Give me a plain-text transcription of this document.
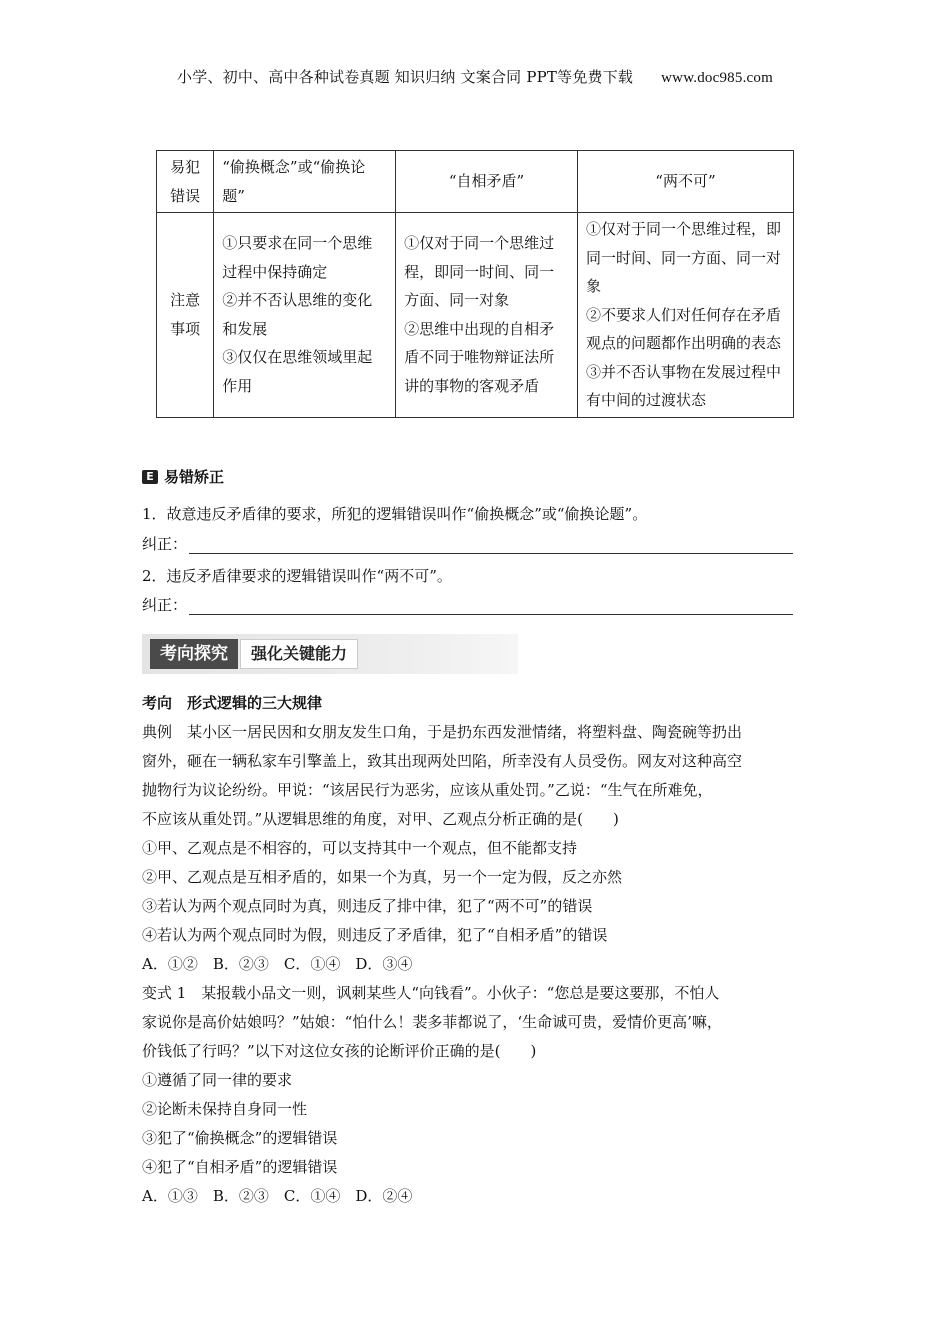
小学、初中、高中各种试卷真题 知识归纳 文案合同 PPT等免费下载 www.doc985.com
易犯错误	“偷换概念”或“偷换论题”	“自相矛盾”	“两不可”
注意事项	①只要求在同一个思维过程中保持确定
②并不否认思维的变化和发展
③仅仅在思维领域里起作用	①仅对于同一个思维过程，即同一时间、同一方面、同一对象
②思维中出现的自相矛盾不同于唯物辩证法所讲的事物的客观矛盾	①仅对于同一个思维过程，即同一时间、同一方面、同一对象
②不要求人们对任何存在矛盾观点的问题都作出明确的表态
③并不否认事物在发展过程中有中间的过渡状态
E
易错矫正
1．故意违反矛盾律的要求，所犯的逻辑错误叫作“偷换概念”或“偷换论题”。
纠正：
2．违反矛盾律要求的逻辑错误叫作“两不可”。
纠正：
考向探究	强化关键能力
考向　 形式逻辑的三大规律
典例　某小区一居民因和女朋友发生口角，于是扔东西发泄情绪，将塑料盘、陶瓷碗等扔出
窗外，砸在一辆私家车引擎盖上，致其出现两处凹陷，所幸没有人员受伤。网友对这种高空
抛物行为议论纷纷。甲说：“该居民行为恶劣，应该从重处罚。”乙说：“生气在所难免，
不应该从重处罚。”从逻辑思维的角度，对甲、乙观点分析正确的是(　　)
①甲、乙观点是不相容的，可以支持其中一个观点，但不能都支持
②甲、乙观点是互相矛盾的，如果一个为真，另一个一定为假，反之亦然
③若认为两个观点同时为真，则违反了排中律，犯了“两不可”的错误
④若认为两个观点同时为假，则违反了矛盾律，犯了“自相矛盾”的错误
A．①②　B．②③　C．①④　D．③④
变式 1　某报载小品文一则，讽刺某些人“向钱看”。小伙子：“您总是要这要那，不怕人
家说你是高价姑娘吗？”姑娘：“怕什么！裴多菲都说了，‘生命诚可贵，爱情价更高’嘛，
价钱低了行吗？”以下对这位女孩的论断评价正确的是(　　)
①遵循了同一律的要求
②论断未保持自身同一性
③犯了“偷换概念”的逻辑错误
④犯了“自相矛盾”的逻辑错误
A．①③　B．②③　C．①④　D．②④
